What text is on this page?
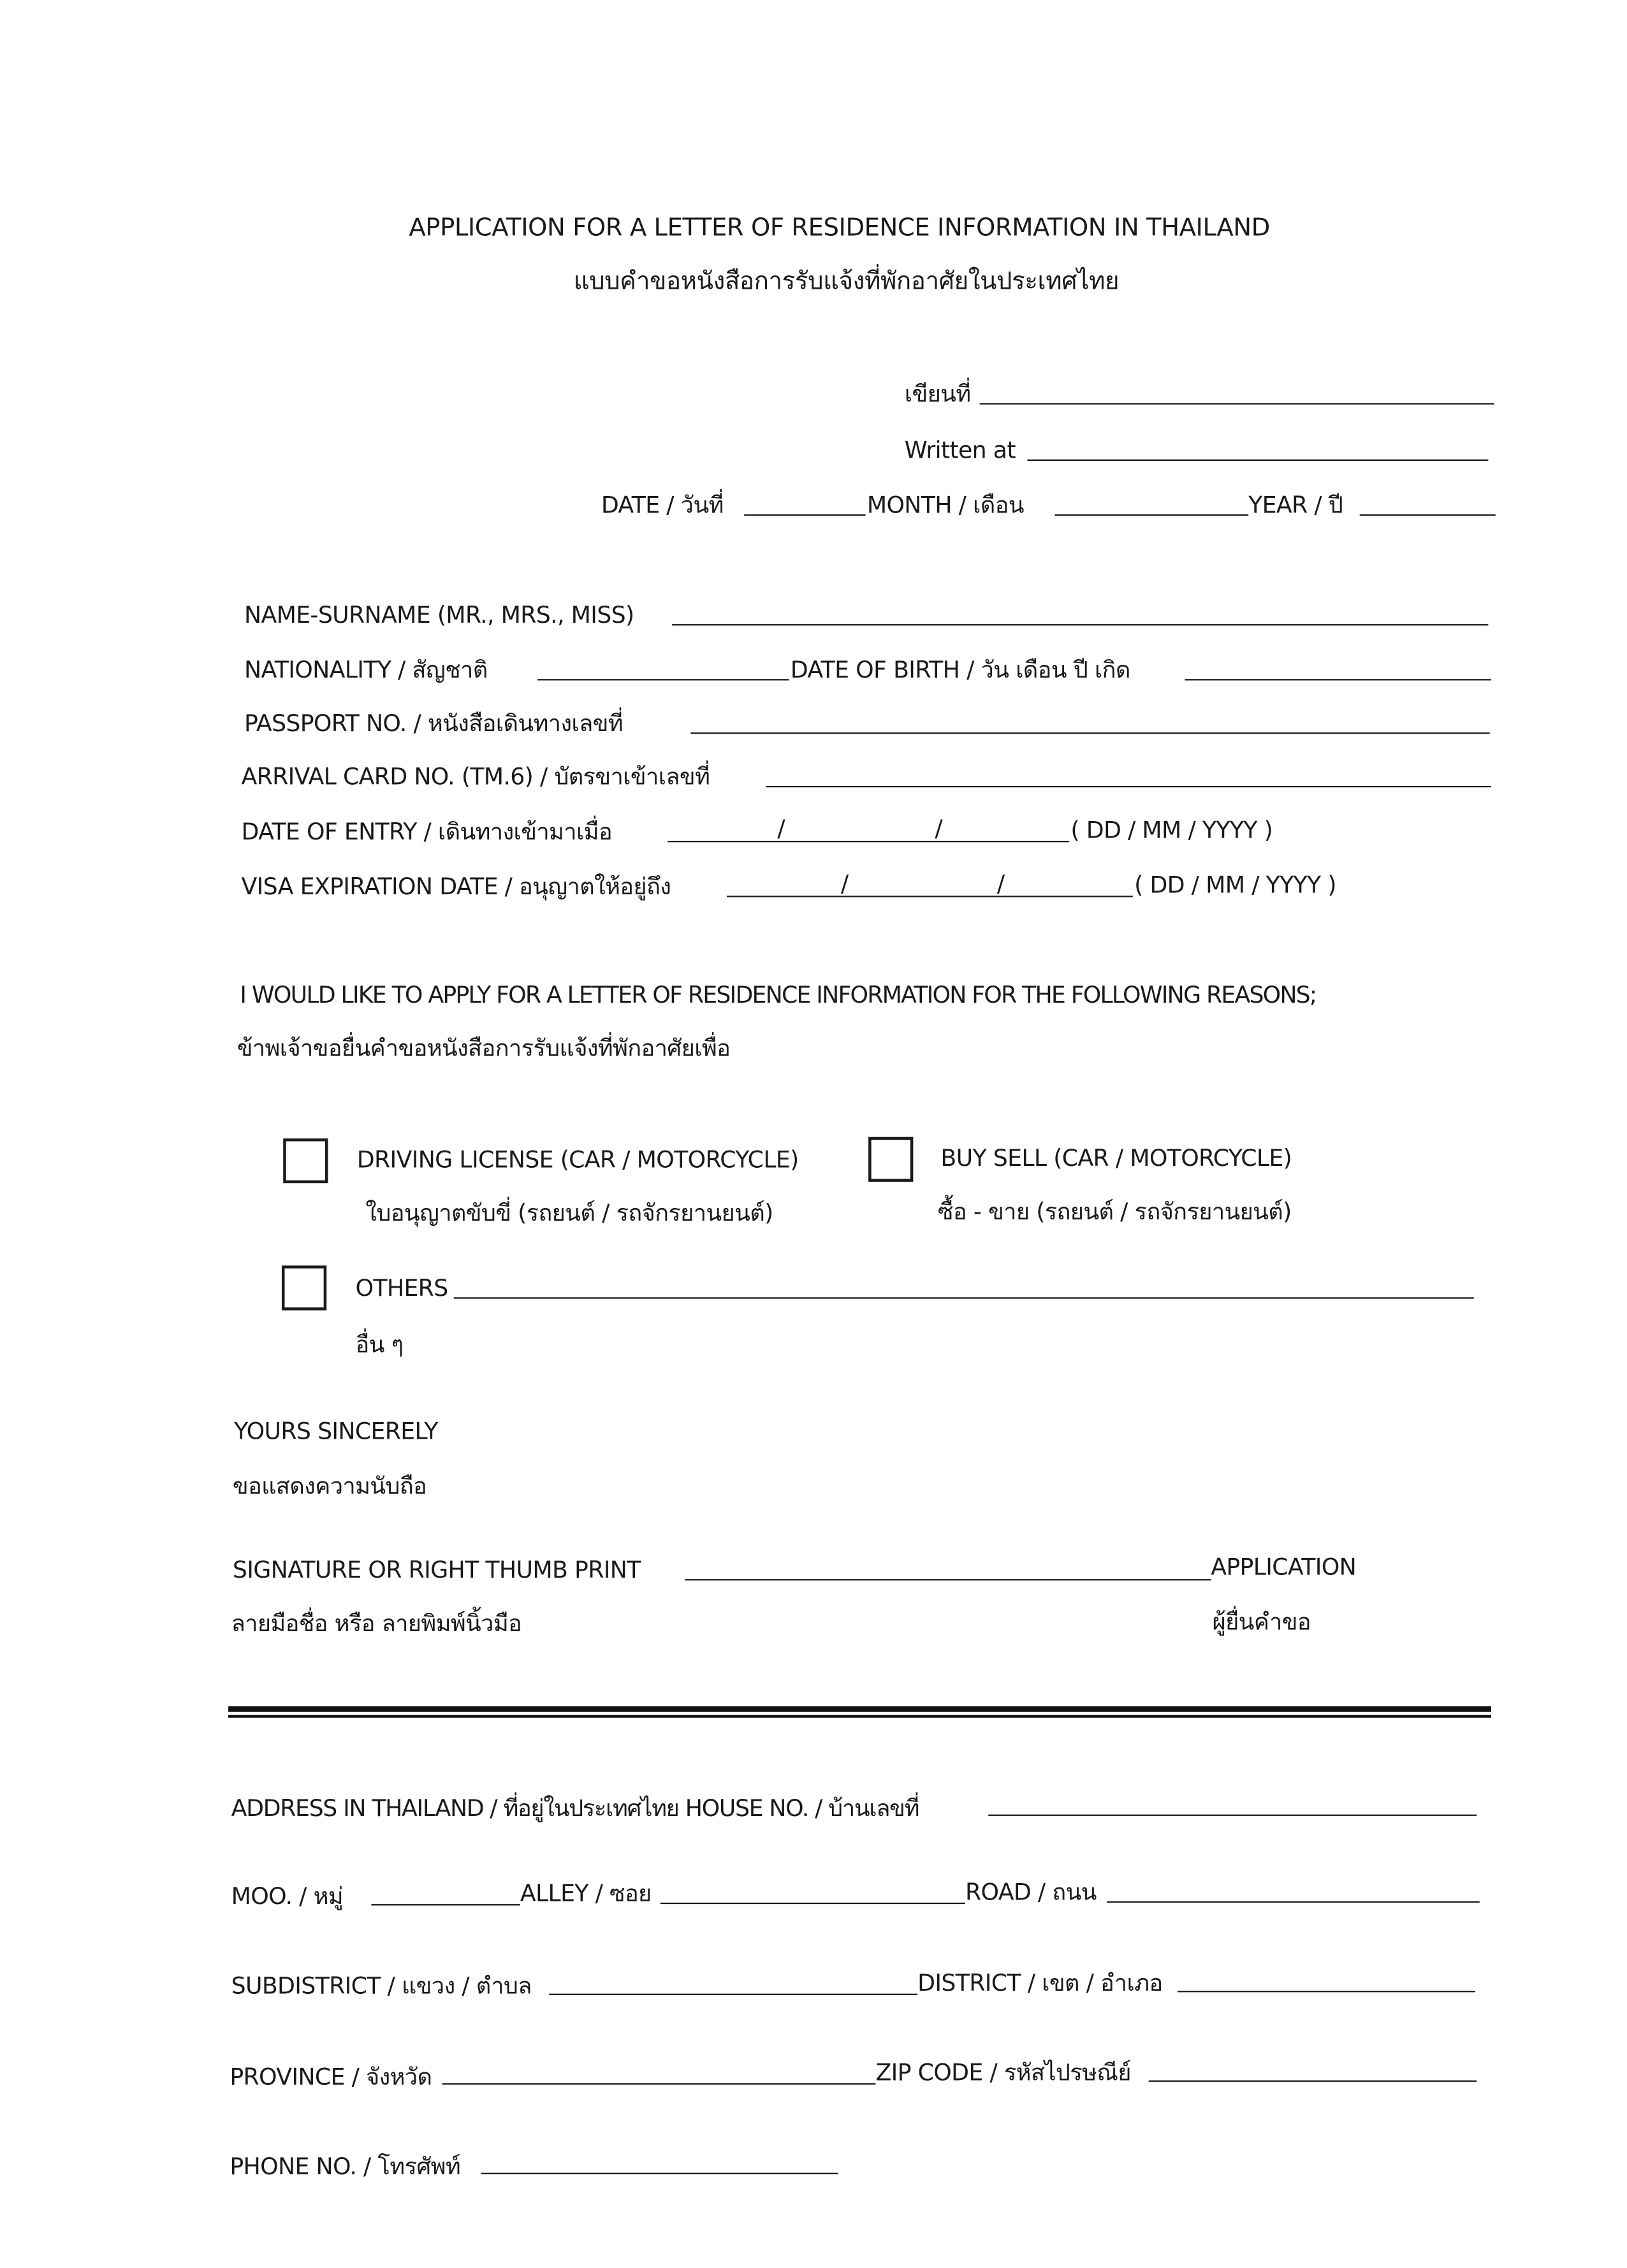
APPLICATION FOR A LETTER OF RESIDENCE INFORMATION IN THAILAND
แบบคำขอหนังสือการรับแจ้งที่พักอาศัยในประเทศไทย
เขียนที่
Written at
DATE / วันที่	MONTH / เดือน	YEAR / ปี
NAME-SURNAME (MR., MRS., MISS)
NATIONALITY / สัญชาติ	DATE OF BIRTH / วัน เดือน ปี เกิด
PASSPORT NO. / หนังสือเดินทางเลขที่
ARRIVAL CARD NO. (TM.6) / บัตรขาเข้าเลขที่
DATE OF ENTRY / เดินทางเข้ามาเมื่อ	/	/	( DD / MM / YYYY )
VISA EXPIRATION DATE / อนุญาตให้อยู่ถึง	/	/	( DD / MM / YYYY )
I WOULD LIKE TO APPLY FOR A LETTER OF RESIDENCE INFORMATION FOR THE FOLLOWING REASONS;
ข้าพเจ้าขอยื่นคำขอหนังสือการรับแจ้งที่พักอาศัยเพื่อ
DRIVING LICENSE (CAR / MOTORCYCLE)
ใบอนุญาตขับขี่ (รถยนต์ / รถจักรยานยนต์)
BUY SELL (CAR / MOTORCYCLE)
ซื้อ - ขาย (รถยนต์ / รถจักรยานยนต์)
OTHERS
อื่น ๆ
YOURS SINCERELY
ขอแสดงความนับถือ
SIGNATURE OR RIGHT THUMB PRINT	APPLICATION
ลายมือชื่อ หรือ ลายพิมพ์นิ้วมือ	ผู้ยื่นคำขอ
ADDRESS IN THAILAND / ที่อยู่ในประเทศไทย HOUSE NO. / บ้านเลขที่
MOO. / หมู่	ALLEY / ซอย	ROAD / ถนน
SUBDISTRICT / แขวง / ตำบล	DISTRICT / เขต / อำเภอ
PROVINCE / จังหวัด	ZIP CODE / รหัสไปรษณีย์
PHONE NO. / โทรศัพท์
